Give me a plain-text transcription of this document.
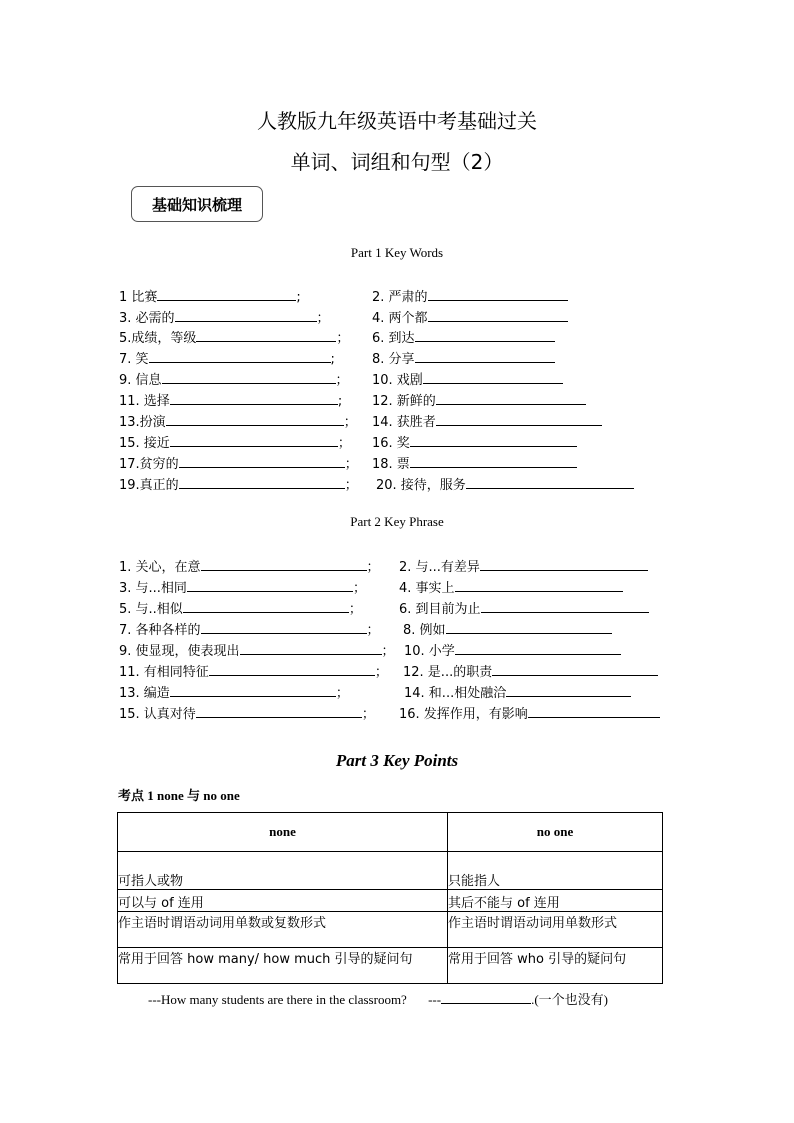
人教版九年级英语中考基础过关
单词、词组和句型（2）
基础知识梳理
Part 1 Key Words
1 比赛	;	2. 严肃的
3. 必需的	；	4. 两个都
5.成绩，等级	； 6. 到达
7. 笑	;	8. 分享
9. 信息	； 10. 戏剧
11. 选择	; 12. 新鲜的
13.扮演	； 14. 获胜者
15. 接近	； 16. 奖
17.贫穷的	； 18. 票
19.真正的	； 20. 接待，服务
Part 2 Key Phrase
1. 关心，在意	； 2. 与...有差异
3. 与...相同	；	4. 事实上
5. 与..相似	；	6. 到目前为止
7. 各种各样的	； 8. 例如
9. 使显现，使表现出	； 10. 小学
11. 有相同特征	； 12. 是...的职责
13. 编造	；	14. 和...相处融洽
15. 认真对待	； 16. 发挥作用，有影响
Part 3 Key Points
考点 1 none 与 no one
none	no one
可指人或物	只能指人
可以与 of 连用	其后不能与 of 连用
作主语时谓语动词用单数或复数形式	作主语时谓语动词用单数形式
常用于回答 how many/ how much 引导的疑问句	常用于回答 who 引导的疑问句
---How many students are there in the classroom? ---	.(一个也没有)
